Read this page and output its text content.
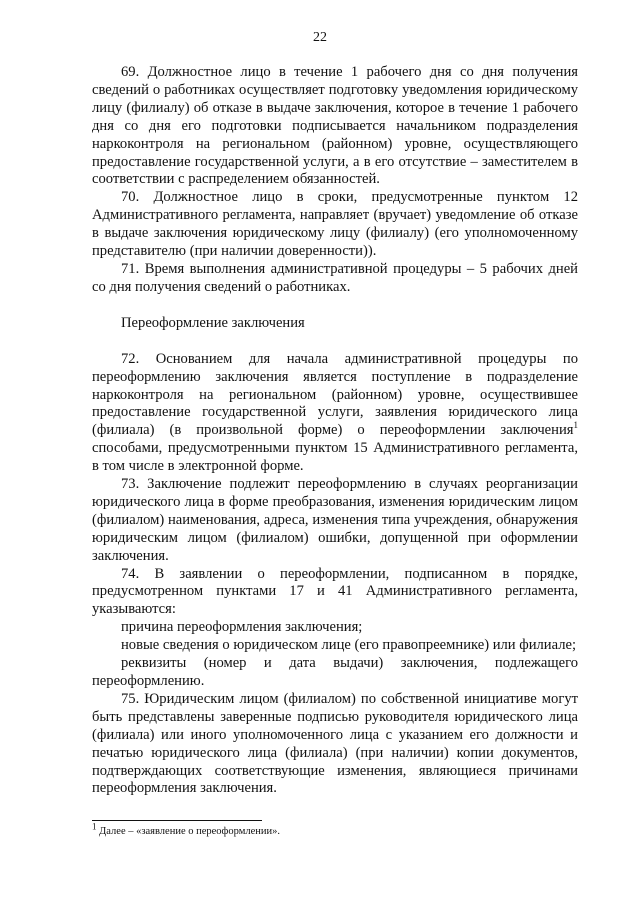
22

69. Должностное лицо в течение 1 рабочего дня со дня получения сведений о работниках осуществляет подготовку уведомления юридическому лицу (филиалу) об отказе в выдаче заключения, которое в течение 1 рабочего дня со дня его подготовки подписывается начальником подразделения наркоконтроля на региональном (районном) уровне, осуществляющего предоставление государственной услуги, а в его отсутствие – заместителем в соответствии с распределением обязанностей.

70. Должностное лицо в сроки, предусмотренные пунктом 12 Административного регламента, направляет (вручает) уведомление об отказе в выдаче заключения юридическому лицу (филиалу) (его уполномоченному представителю (при наличии доверенности)).

71. Время выполнения административной процедуры – 5 рабочих дней со дня получения сведений о работниках.

Переоформление заключения

72. Основанием для начала административной процедуры по переоформлению заключения является поступление в подразделение наркоконтроля на региональном (районном) уровне, осуществившее предоставление государственной услуги, заявления юридического лица (филиала) (в произвольной форме) о переоформлении заключения$^1$ способами, предусмотренными пунктом 15 Административного регламента, в том числе в электронной форме.

73. Заключение подлежит переоформлению в случаях реорганизации юридического лица в форме преобразования, изменения юридическим лицом (филиалом) наименования, адреса, изменения типа учреждения, обнаружения юридическим лицом (филиалом) ошибки, допущенной при оформлении заключения.

74. В заявлении о переоформлении, подписанном в порядке, предусмотренном пунктами 17 и 41 Административного регламента, указываются:

причина переоформления заключения;

новые сведения о юридическом лице (его правопреемнике) или филиале;

реквизиты (номер и дата выдачи) заключения, подлежащего переоформлению.

75. Юридическим лицом (филиалом) по собственной инициативе могут быть представлены заверенные подписью руководителя юридического лица (филиала) или иного уполномоченного лица с указанием его должности и печатью юридического лица (филиала) (при наличии) копии документов, подтверждающих соответствующие изменения, являющиеся причинами переоформления заключения.

$^1$ Далее – «заявление о переоформлении».
